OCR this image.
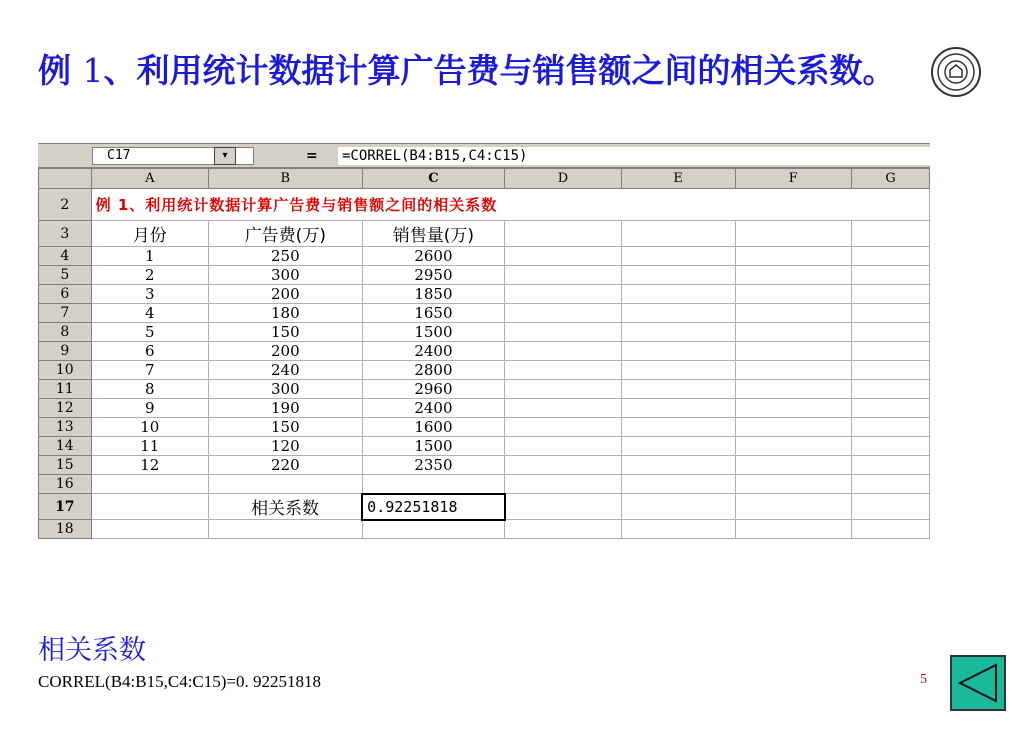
例 1、利用统计数据计算广告费与销售额之间的相关系数。
C17	▾	= =CORREL(B4:B15,C4:C15)
	A	B	C	D	E	F	G
2	例 1、利用统计数据计算广告费与销售额之间的相关系数						
3	月份	广告费(万)	销售量(万)				
4	1	250	2600				
5	2	300	2950				
6	3	200	1850				
7	4	180	1650				
8	5	150	1500				
9	6	200	2400				
10	7	240	2800				
11	8	300	2960				
12	9	190	2400				
13	10	150	1600				
14	11	120	1500				
15	12	220	2350				
16							
17		相关系数	0.92251818				
18							
相关系数
CORREL(B4:B15,C4:C15)=0. 92251818	5
